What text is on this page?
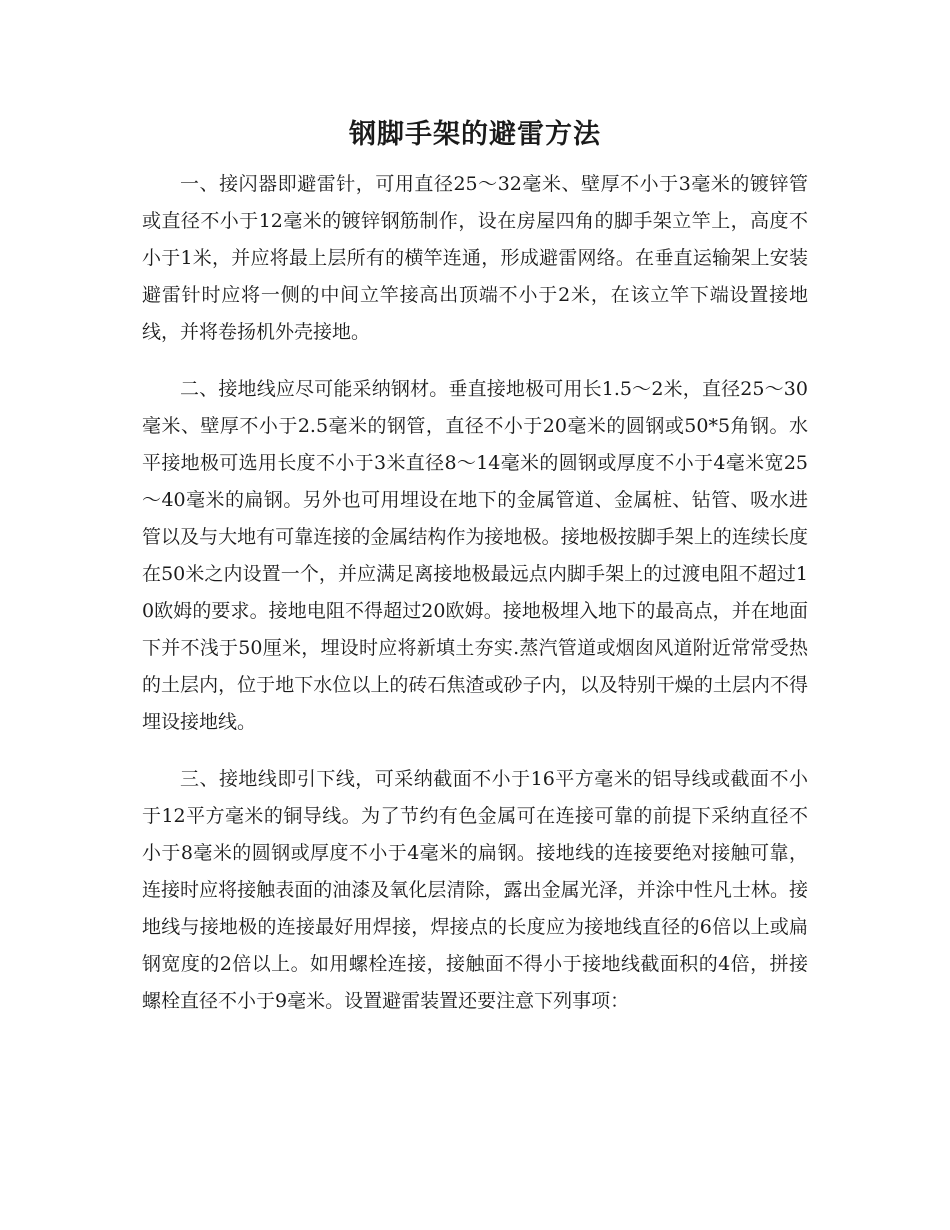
钢脚手架的避雷方法

一、接闪器即避雷针，可用直径25～32毫米、壁厚不小于3毫米的镀锌管或直径不小于12毫米的镀锌钢筋制作，设在房屋四角的脚手架立竿上，高度不小于1米，并应将最上层所有的横竿连通，形成避雷网络。在垂直运输架上安装避雷针时应将一侧的中间立竿接高出顶端不小于2米，在该立竿下端设置接地线，并将卷扬机外壳接地。

二、接地线应尽可能采纳钢材。垂直接地极可用长1.5～2米，直径25～30毫米、壁厚不小于2.5毫米的钢管，直径不小于20毫米的圆钢或50*5角钢。水平接地极可选用长度不小于3米直径8～14毫米的圆钢或厚度不小于4毫米宽25～40毫米的扁钢。另外也可用埋设在地下的金属管道、金属桩、钻管、吸水进管以及与大地有可靠连接的金属结构作为接地极。接地极按脚手架上的连续长度在50米之内设置一个，并应满足离接地极最远点内脚手架上的过渡电阻不超过10欧姆的要求。接地电阻不得超过20欧姆。接地极埋入地下的最高点，并在地面下并不浅于50厘米，埋设时应将新填土夯实.蒸汽管道或烟囱风道附近常常受热的土层内，位于地下水位以上的砖石焦渣或砂子内，以及特别干燥的土层内不得埋设接地线。

三、接地线即引下线，可采纳截面不小于16平方毫米的铝导线或截面不小于12平方毫米的铜导线。为了节约有色金属可在连接可靠的前提下采纳直径不小于8毫米的圆钢或厚度不小于4毫米的扁钢。接地线的连接要绝对接触可靠，连接时应将接触表面的油漆及氧化层清除，露出金属光泽，并涂中性凡士林。接地线与接地极的连接最好用焊接，焊接点的长度应为接地线直径的6倍以上或扁钢宽度的2倍以上。如用螺栓连接，接触面不得小于接地线截面积的4倍，拼接螺栓直径不小于9毫米。设置避雷装置还要注意下列事项：
